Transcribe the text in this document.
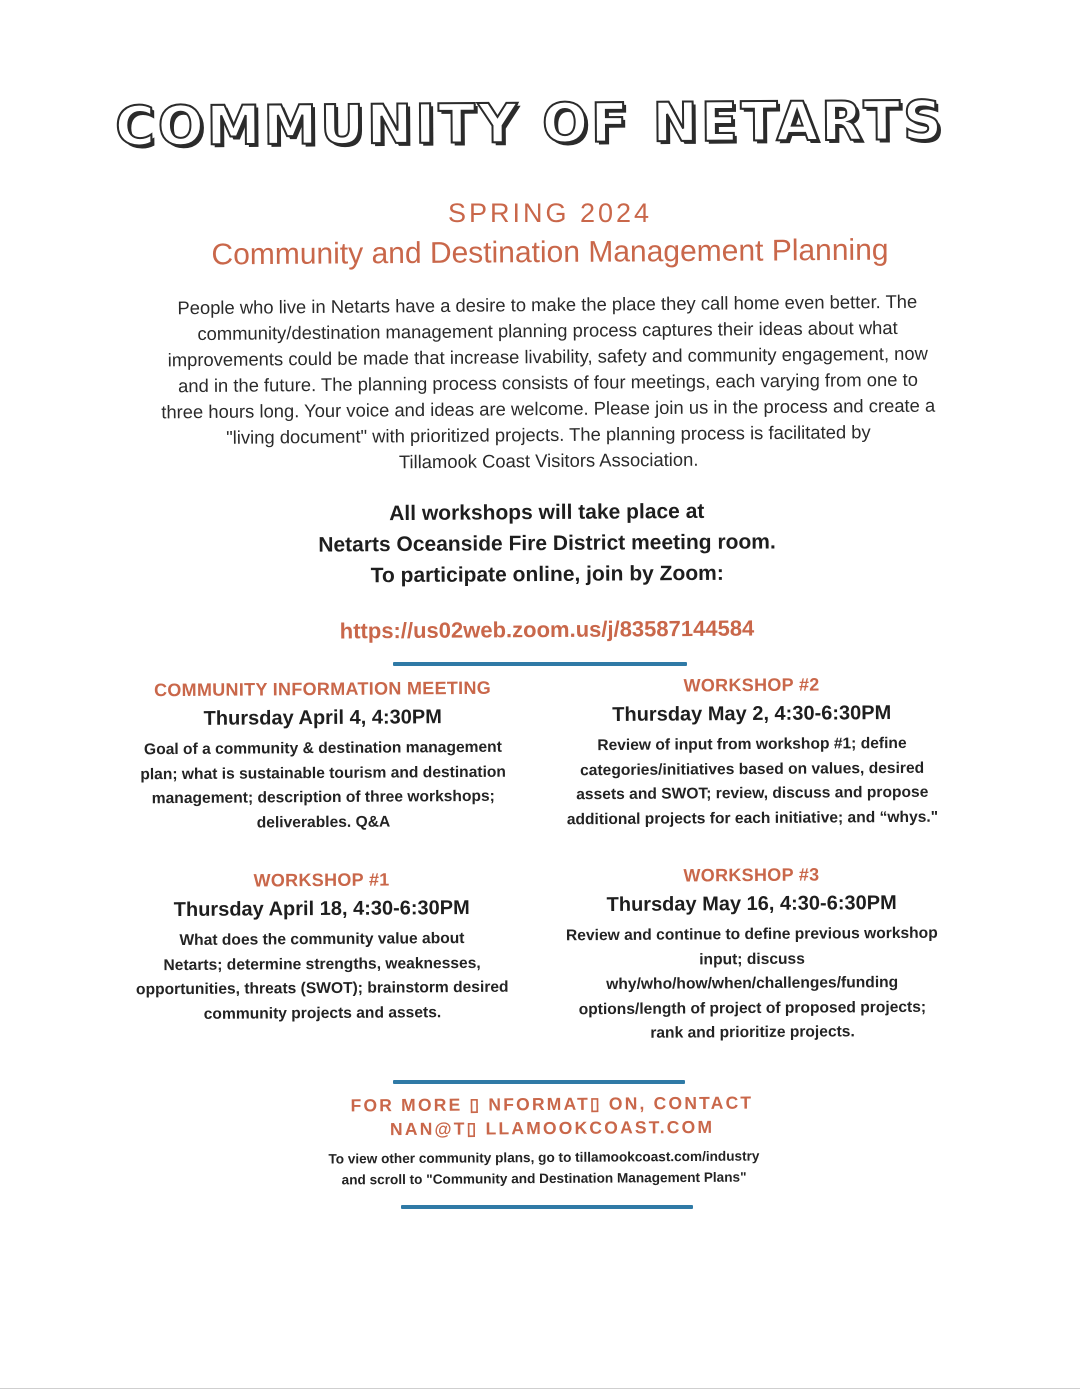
COMMUNITY OF NETARTS
SPRING 2024
Community and Destination Management Planning
People who live in Netarts have a desire to make the place they call home even better. The
community/destination management planning process captures their ideas about what
improvements could be made that increase livability, safety and community engagement, now
and in the future. The planning process consists of four meetings, each varying from one to
three hours long. Your voice and ideas are welcome. Please join us in the process and create a
"living document" with prioritized projects. The planning process is facilitated by
Tillamook Coast Visitors Association.
All workshops will take place at
Netarts Oceanside Fire District meeting room.
To participate online, join by Zoom:
https://us02web.zoom.us/j/83587144584
COMMUNITY INFORMATION MEETING
Thursday April 4, 4:30PM
Goal of a community & destination management
plan; what is sustainable tourism and destination
management; description of three workshops;
deliverables. Q&A
WORKSHOP #2
Thursday May 2, 4:30-6:30PM
Review of input from workshop #1; define
categories/initiatives based on values, desired
assets and SWOT; review, discuss and propose
additional projects for each initiative; and “whys."
WORKSHOP #1
Thursday April 18, 4:30-6:30PM
What does the community value about
Netarts; determine strengths, weaknesses,
opportunities, threats (SWOT); brainstorm desired
community projects and assets.
WORKSHOP #3
Thursday May 16, 4:30-6:30PM
Review and continue to define previous workshop
input; discuss
why/who/how/when/challenges/funding
options/length of project of proposed projects;
rank and prioritize projects.
FOR MORE ▯ NFORMAT▯ ON, CONTACT
NAN@T▯ LLAMOOKCOAST.COM
To view other community plans, go to tillamookcoast.com/industry
and scroll to "Community and Destination Management Plans"
